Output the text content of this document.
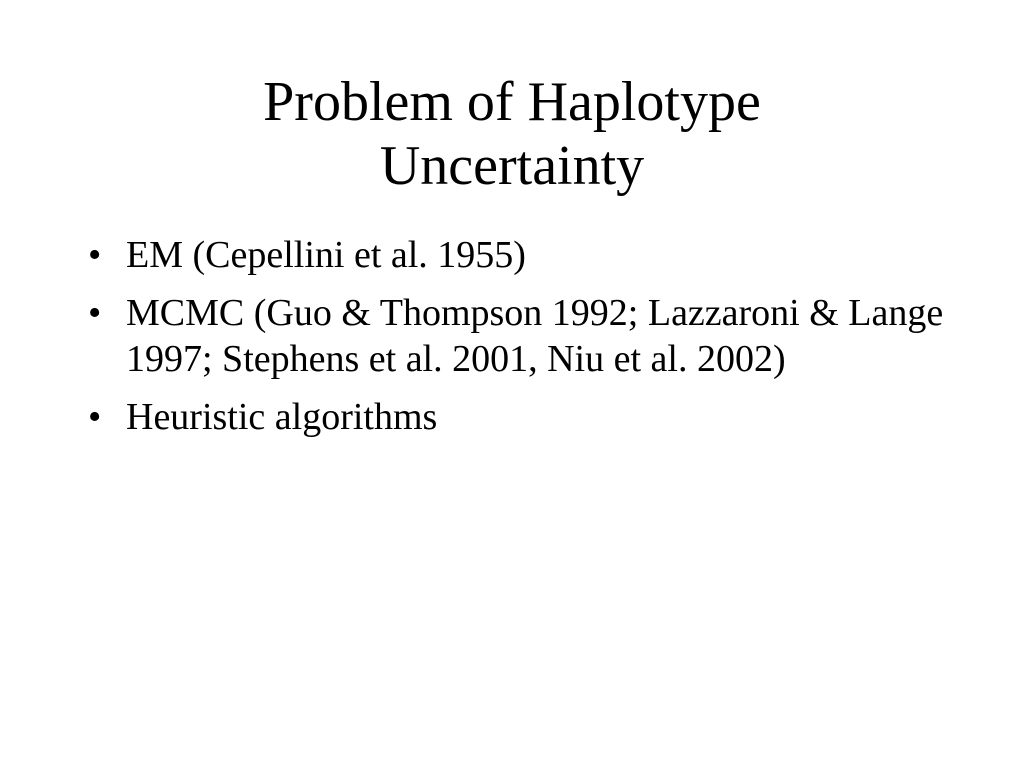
Problem of Haplotype
Uncertainty
• EM (Cepellini et al. 1955)
• MCMC (Guo & Thompson 1992; Lazzaroni & Lange 1997; Stephens et al. 2001, Niu et al. 2002)
• Heuristic algorithms
